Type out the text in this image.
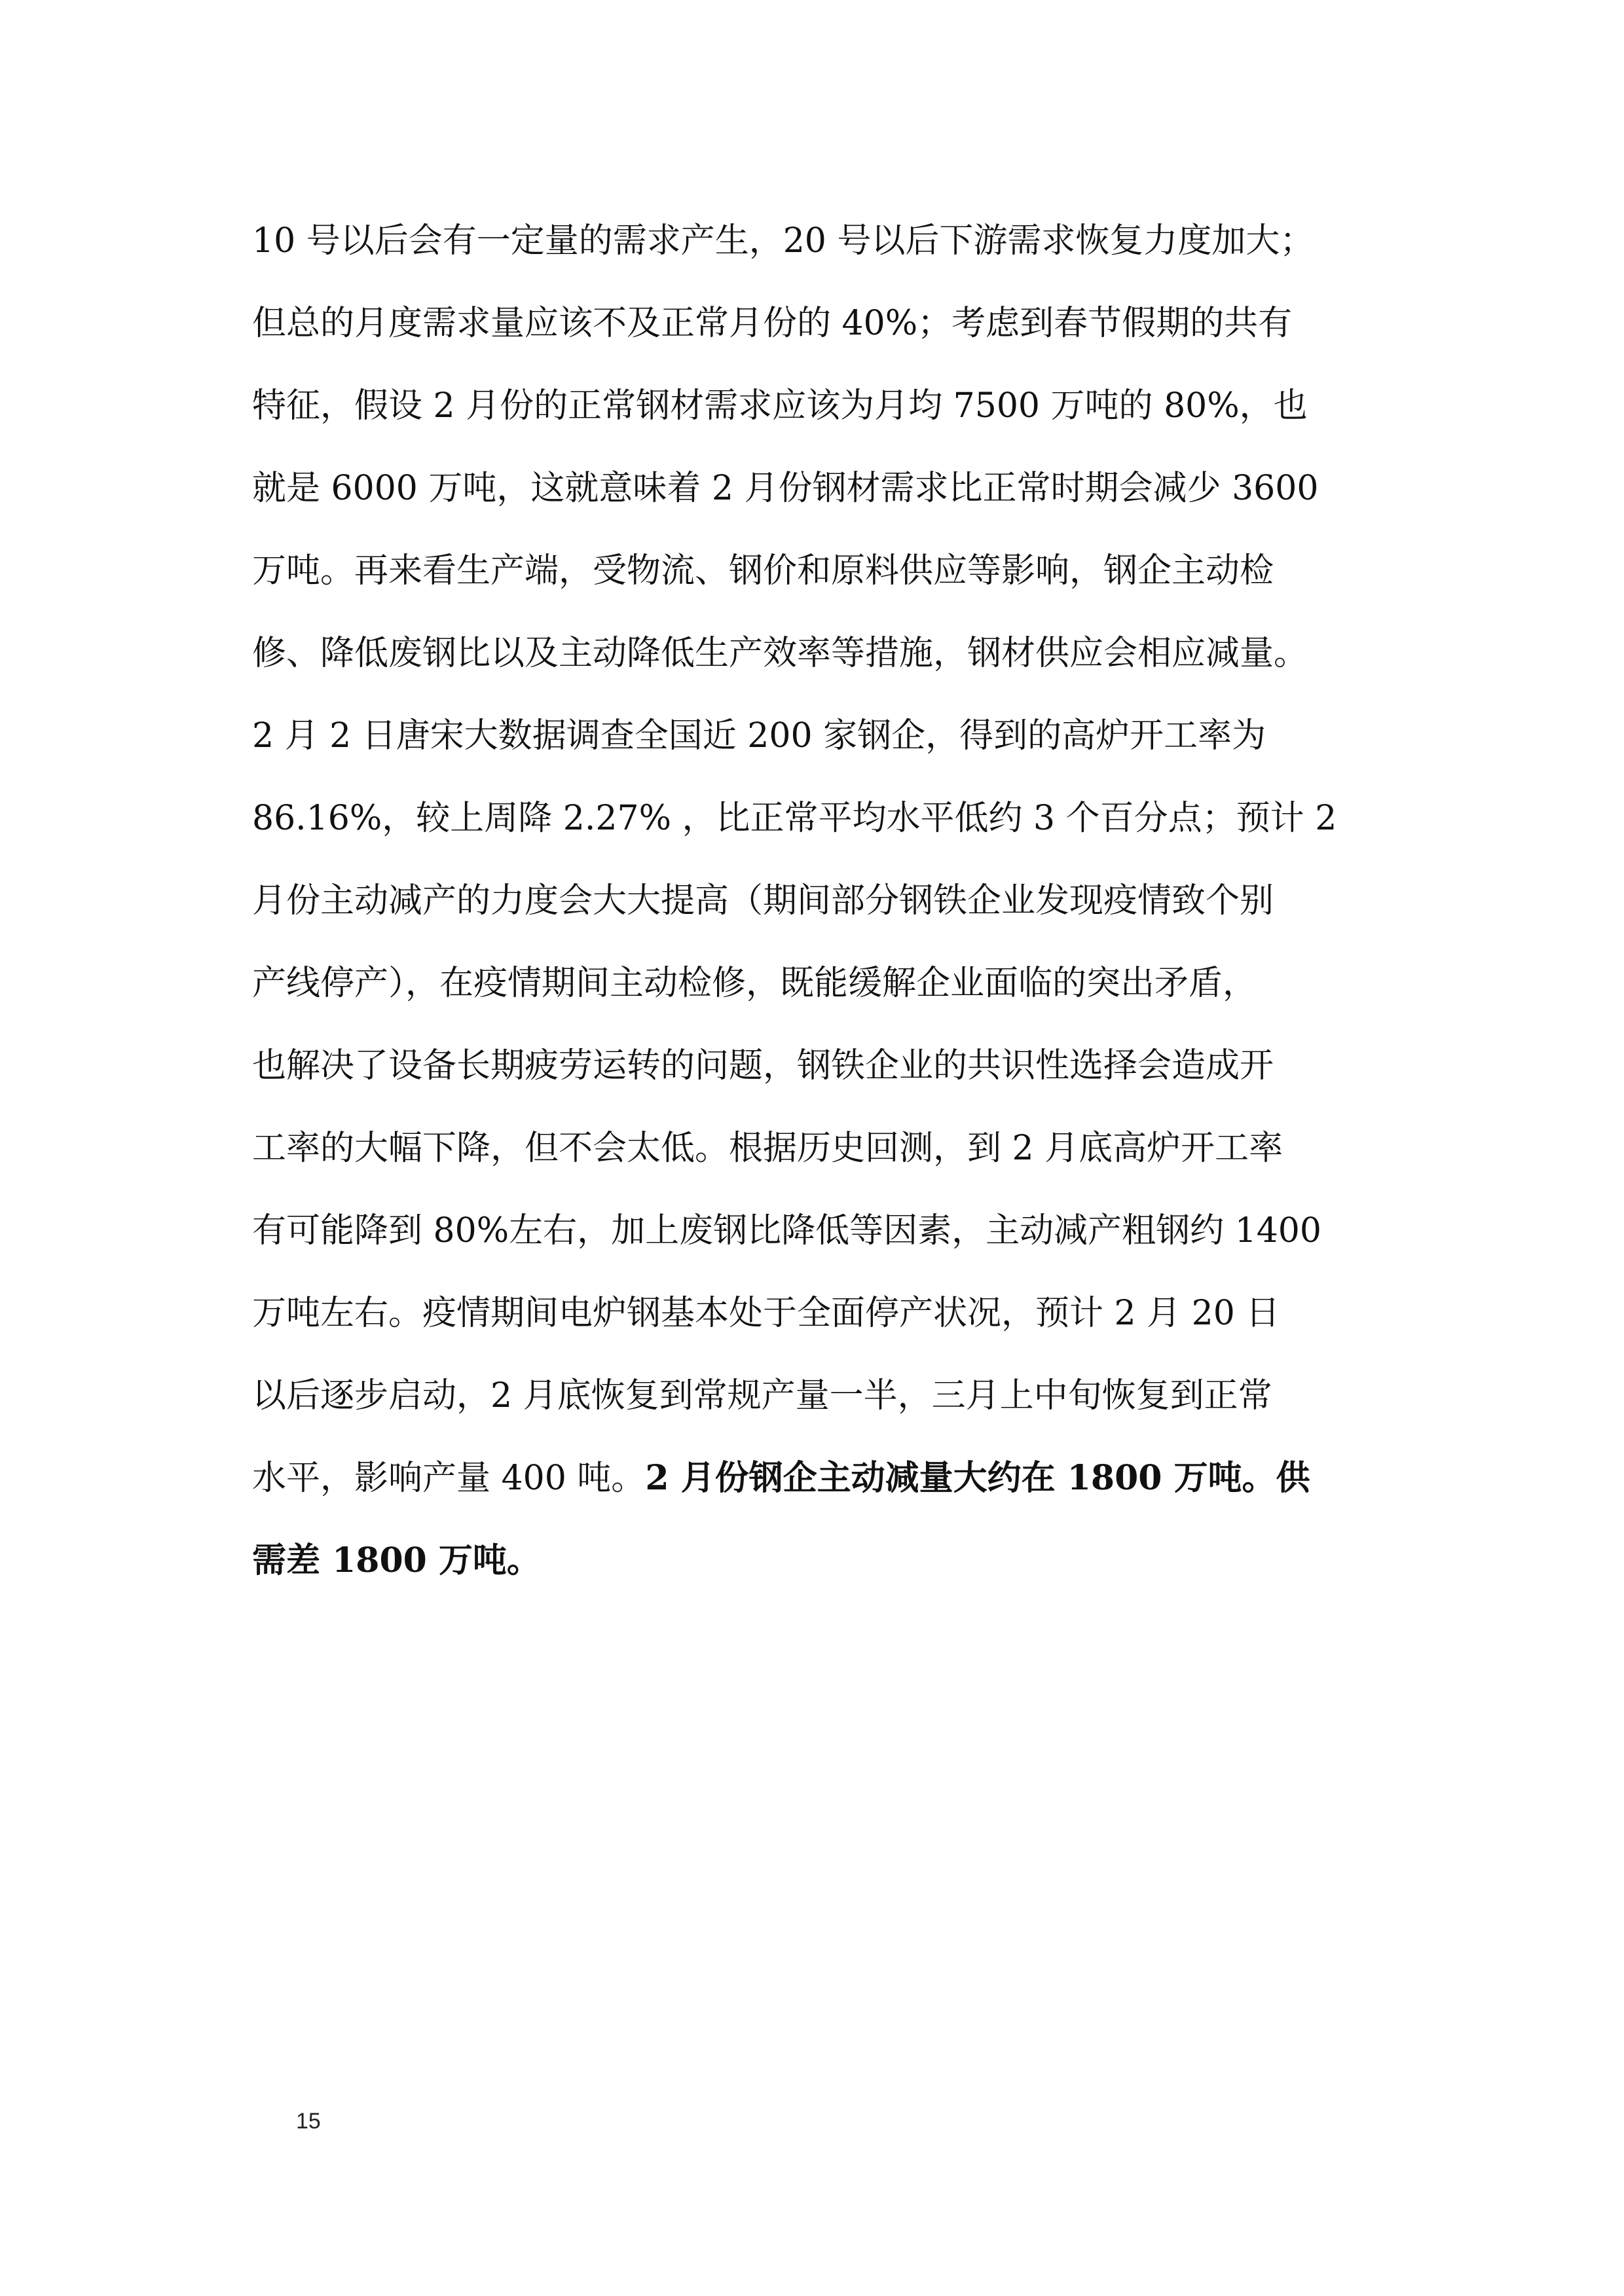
10 号以后会有一定量的需求产生，20 号以后下游需求恢复力度加大；
但总的月度需求量应该不及正常月份的 40%；考虑到春节假期的共有
特征，假设 2 月份的正常钢材需求应该为月均 7500 万吨的 80%，也
就是 6000 万吨，这就意味着 2 月份钢材需求比正常时期会减少 3600
万吨。再来看生产端，受物流、钢价和原料供应等影响，钢企主动检
修、降低废钢比以及主动降低生产效率等措施，钢材供应会相应减量。
2 月 2 日唐宋大数据调查全国近 200 家钢企，得到的高炉开工率为
86.16%，较上周降 2.27% ，比正常平均水平低约 3 个百分点；预计 2
月份主动减产的力度会大大提高（期间部分钢铁企业发现疫情致个别
产线停产），在疫情期间主动检修，既能缓解企业面临的突出矛盾，
也解决了设备长期疲劳运转的问题，钢铁企业的共识性选择会造成开
工率的大幅下降，但不会太低。根据历史回测，到 2 月底高炉开工率
有可能降到 80%左右，加上废钢比降低等因素，主动减产粗钢约 1400
万吨左右。疫情期间电炉钢基本处于全面停产状况，预计 2 月 20 日
以后逐步启动，2 月底恢复到常规产量一半，三月上中旬恢复到正常
水平，影响产量 400 吨。2 月份钢企主动减量大约在 1800 万吨。供
需差 1800 万吨。
15
